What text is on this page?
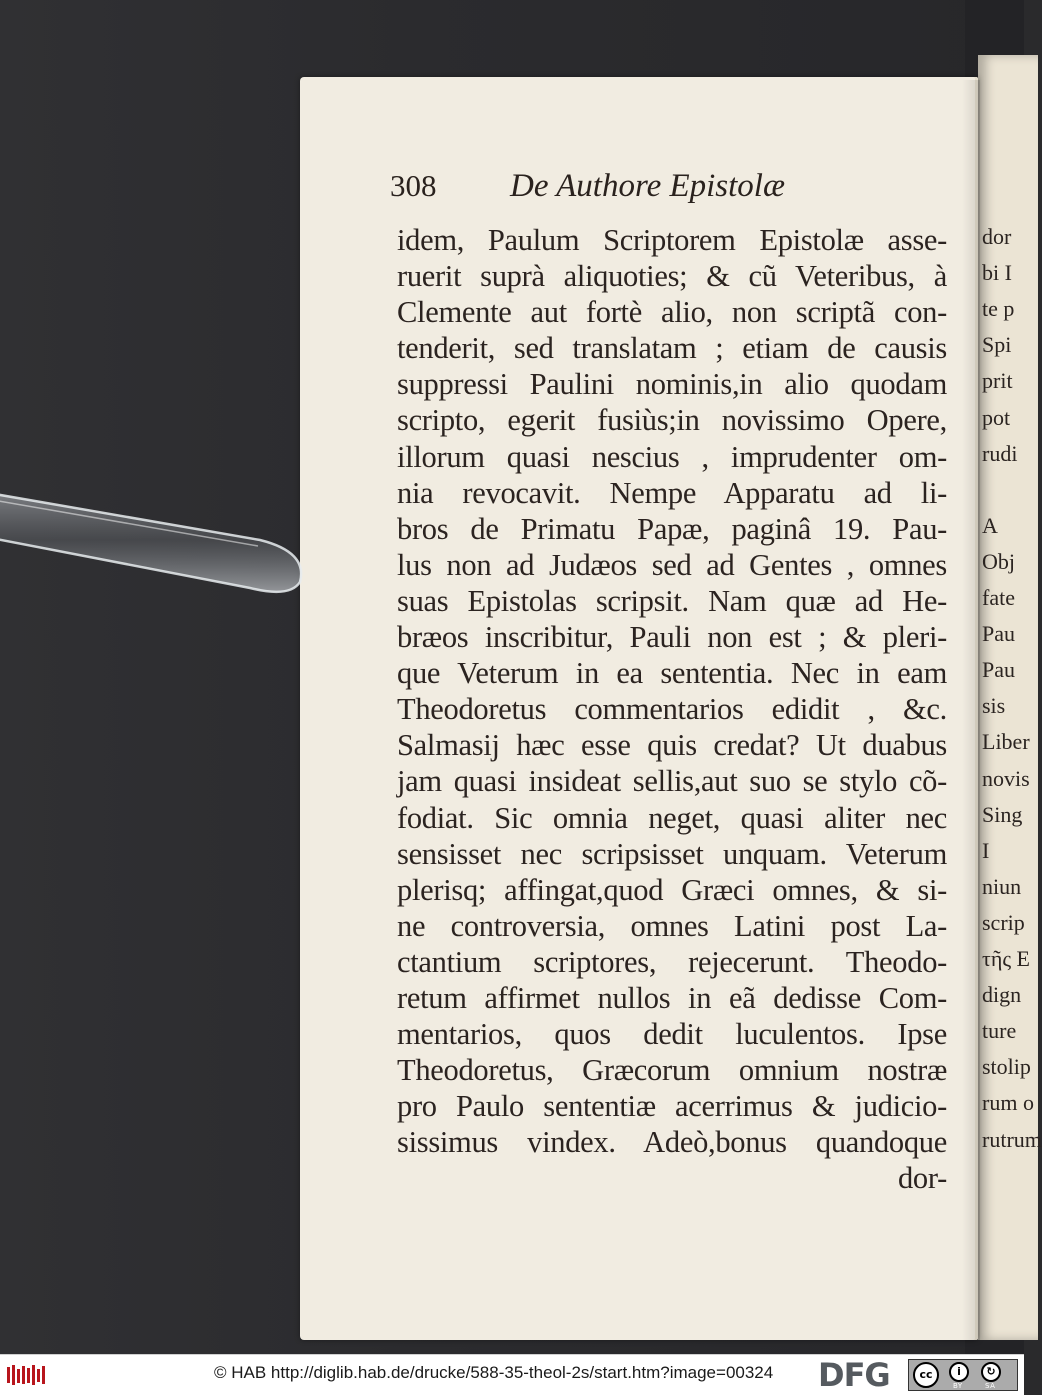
dor
bi I
te p
Spi
prit
pot
rudi
A
Obj
fate
Pau
Pau
sis
Liber
novis
Sing
I
niun
scrip
τῆς Ε
dign
ture
stolip
rum o
rutrum
308 De Authore Epistolæ
idem, Paulum Scriptorem Epistolæ asse-
ruerit suprà aliquoties; & cũ Veteribus, à
Clemente aut fortè alio, non scriptã con-
tenderit, sed translatam ; etiam de causis
suppressi Paulini nominis,in alio quodam
scripto, egerit fusiùs;in novissimo Opere,
illorum quasi nescius , imprudenter om-
nia revocavit. Nempe Apparatu ad li-
bros de Primatu Papæ, paginâ 19. Pau-
lus non ad Judæos sed ad Gentes , omnes
suas Epistolas scripsit. Nam quæ ad He-
bræos inscribitur, Pauli non est ; & pleri-
que Veterum in ea sententia. Nec in eam
Theodoretus commentarios edidit , &c.
Salmasij hæc esse quis credat? Ut duabus
jam quasi insideat sellis,aut suo se stylo cõ-
fodiat. Sic omnia neget, quasi aliter nec
sensisset nec scripsisset unquam. Veterum
plerisq; affingat,quod Græci omnes, & si-
ne controversia, omnes Latini post La-
ctantium scriptores, rejecerunt. Theodo-
retum affirmet nullos in eã dedisse Com-
mentarios, quos dedit luculentos. Ipse
Theodoretus, Græcorum omnium nostræ
pro Paulo sententiæ acerrimus & judicio-
sissimus vindex. Adeò,bonus quandoque
dor-
© HAB http://diglib.hab.de/drucke/588-35-theol-2s/start.htm?image=00324 DFG	cc	i	↻
BY	SA
